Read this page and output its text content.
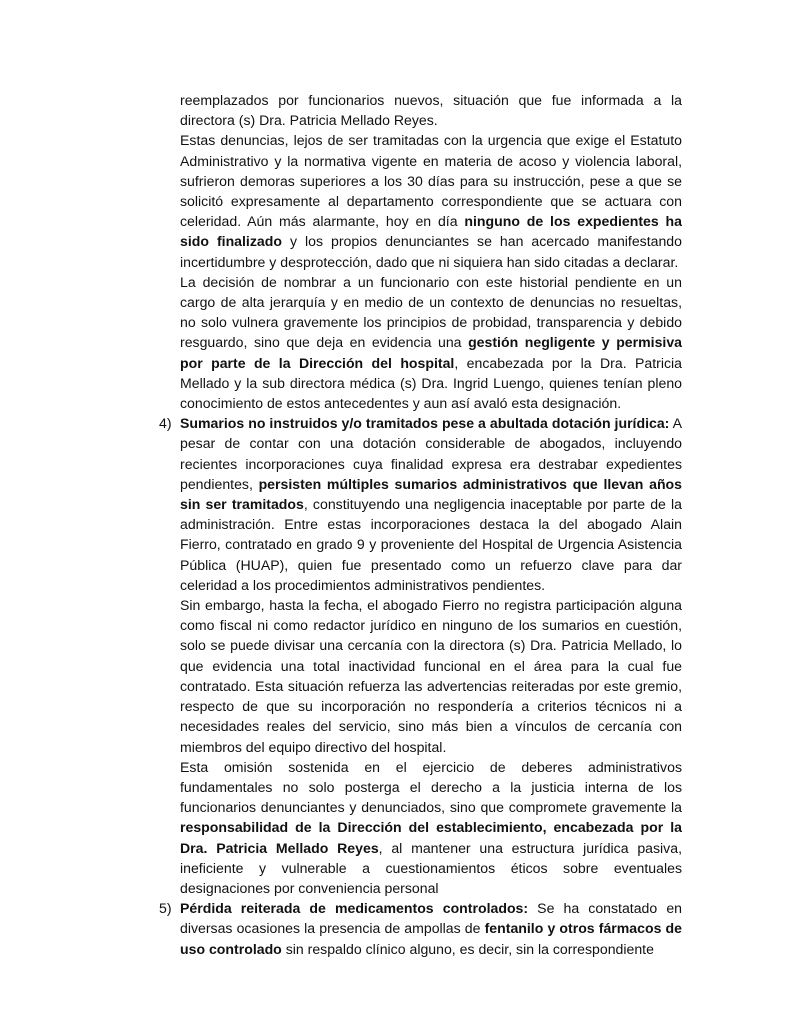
reemplazados por funcionarios nuevos, situación que fue informada a la directora (s) Dra. Patricia Mellado Reyes.

Estas denuncias, lejos de ser tramitadas con la urgencia que exige el Estatuto Administrativo y la normativa vigente en materia de acoso y violencia laboral, sufrieron demoras superiores a los 30 días para su instrucción, pese a que se solicitó expresamente al departamento correspondiente que se actuara con celeridad. Aún más alarmante, hoy en día ninguno de los expedientes ha sido finalizado y los propios denunciantes se han acercado manifestando incertidumbre y desprotección, dado que ni siquiera han sido citadas a declarar.

La decisión de nombrar a un funcionario con este historial pendiente en un cargo de alta jerarquía y en medio de un contexto de denuncias no resueltas, no solo vulnera gravemente los principios de probidad, transparencia y debido resguardo, sino que deja en evidencia una gestión negligente y permisiva por parte de la Dirección del hospital, encabezada por la Dra. Patricia Mellado y la sub directora médica (s) Dra. Ingrid Luengo, quienes tenían pleno conocimiento de estos antecedentes y aun así avaló esta designación.

4) Sumarios no instruidos y/o tramitados pese a abultada dotación jurídica: A pesar de contar con una dotación considerable de abogados, incluyendo recientes incorporaciones cuya finalidad expresa era destrabar expedientes pendientes, persisten múltiples sumarios administrativos que llevan años sin ser tramitados, constituyendo una negligencia inaceptable por parte de la administración. Entre estas incorporaciones destaca la del abogado Alain Fierro, contratado en grado 9 y proveniente del Hospital de Urgencia Asistencia Pública (HUAP), quien fue presentado como un refuerzo clave para dar celeridad a los procedimientos administrativos pendientes.

Sin embargo, hasta la fecha, el abogado Fierro no registra participación alguna como fiscal ni como redactor jurídico en ninguno de los sumarios en cuestión, solo se puede divisar una cercanía con la directora (s) Dra. Patricia Mellado, lo que evidencia una total inactividad funcional en el área para la cual fue contratado. Esta situación refuerza las advertencias reiteradas por este gremio, respecto de que su incorporación no respondería a criterios técnicos ni a necesidades reales del servicio, sino más bien a vínculos de cercanía con miembros del equipo directivo del hospital.

Esta omisión sostenida en el ejercicio de deberes administrativos fundamentales no solo posterga el derecho a la justicia interna de los funcionarios denunciantes y denunciados, sino que compromete gravemente la responsabilidad de la Dirección del establecimiento, encabezada por la Dra. Patricia Mellado Reyes, al mantener una estructura jurídica pasiva, ineficiente y vulnerable a cuestionamientos éticos sobre eventuales designaciones por conveniencia personal

5) Pérdida reiterada de medicamentos controlados: Se ha constatado en diversas ocasiones la presencia de ampollas de fentanilo y otros fármacos de uso controlado sin respaldo clínico alguno, es decir, sin la correspondiente
